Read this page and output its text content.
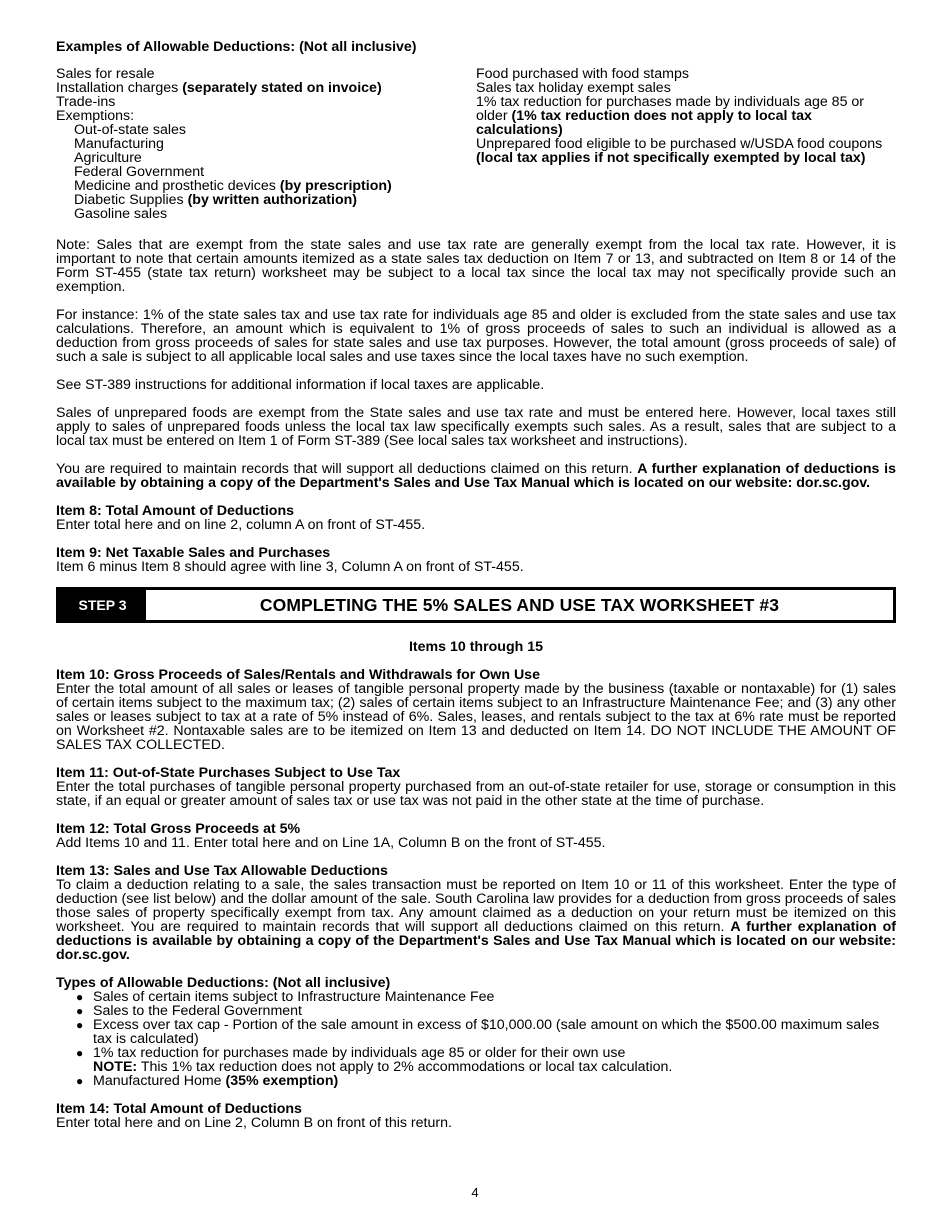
Examples of Allowable Deductions: (Not all inclusive)

Sales for resale

Installation charges (separately stated on invoice)

Trade-ins

Exemptions:

Out-of-state sales

Manufacturing

Agriculture

Federal Government

Medicine and prosthetic devices (by prescription)

Diabetic Supplies (by written authorization)

Gasoline sales

Food purchased with food stamps

Sales tax holiday exempt sales

1% tax reduction for purchases made by individuals age 85 or older (1% tax reduction does not apply to local tax calculations)

Unprepared food eligible to be purchased w/USDA food coupons (local tax applies if not specifically exempted by local tax)

Note: Sales that are exempt from the state sales and use tax rate are generally exempt from the local tax rate. However, it is important to note that certain amounts itemized as a state sales tax deduction on Item 7 or 13, and subtracted on Item 8 or 14 of the Form ST-455 (state tax return) worksheet may be subject to a local tax since the local tax may not specifically provide such an exemption.

For instance: 1% of the state sales tax and use tax rate for individuals age 85 and older is excluded from the state sales and use tax calculations. Therefore, an amount which is equivalent to 1% of gross proceeds of sales to such an individual is allowed as a deduction from gross proceeds of sales for state sales and use tax purposes. However, the total amount (gross proceeds of sale) of such a sale is subject to all applicable local sales and use taxes since the local taxes have no such exemption.

See ST-389 instructions for additional information if local taxes are applicable.

Sales of unprepared foods are exempt from the State sales and use tax rate and must be entered here. However, local taxes still apply to sales of unprepared foods unless the local tax law specifically exempts such sales. As a result, sales that are subject to a local tax must be entered on Item 1 of Form ST-389 (See local sales tax worksheet and instructions).

You are required to maintain records that will support all deductions claimed on this return. A further explanation of deductions is available by obtaining a copy of the Department's Sales and Use Tax Manual which is located on our website: dor.sc.gov.

Item 8: Total Amount of Deductions

Enter total here and on line 2, column A on front of ST-455.

Item 9: Net Taxable Sales and Purchases

Item 6 minus Item 8 should agree with line 3, Column A on front of ST-455.

STEP 3	COMPLETING THE 5% SALES AND USE TAX WORKSHEET #3

Items 10 through 15

Item 10: Gross Proceeds of Sales/Rentals and Withdrawals for Own Use

Enter the total amount of all sales or leases of tangible personal property made by the business (taxable or nontaxable) for (1) sales of certain items subject to the maximum tax; (2) sales of certain items subject to an Infrastructure Maintenance Fee; and (3) any other sales or leases subject to tax at a rate of 5% instead of 6%. Sales, leases, and rentals subject to the tax at 6% rate must be reported on Worksheet #2. Nontaxable sales are to be itemized on Item 13 and deducted on Item 14. DO NOT INCLUDE THE AMOUNT OF SALES TAX COLLECTED.

Item 11: Out-of-State Purchases Subject to Use Tax

Enter the total purchases of tangible personal property purchased from an out-of-state retailer for use, storage or consumption in this state, if an equal or greater amount of sales tax or use tax was not paid in the other state at the time of purchase.

Item 12: Total Gross Proceeds at 5%

Add Items 10 and 11. Enter total here and on Line 1A, Column B on the front of ST-455.

Item 13: Sales and Use Tax Allowable Deductions

To claim a deduction relating to a sale, the sales transaction must be reported on Item 10 or 11 of this worksheet. Enter the type of deduction (see list below) and the dollar amount of the sale. South Carolina law provides for a deduction from gross proceeds of sales those sales of property specifically exempt from tax. Any amount claimed as a deduction on your return must be itemized on this worksheet. You are required to maintain records that will support all deductions claimed on this return. A further explanation of deductions is available by obtaining a copy of the Department's Sales and Use Tax Manual which is located on our website: dor.sc.gov.

Types of Allowable Deductions: (Not all inclusive)

● Sales of certain items subject to Infrastructure Maintenance Fee
● Sales to the Federal Government
● Excess over tax cap - Portion of the sale amount in excess of $10,000.00 (sale amount on which the $500.00 maximum sales tax is calculated)
● 1% tax reduction for purchases made by individuals age 85 or older for their own use
NOTE: This 1% tax reduction does not apply to 2% accommodations or local tax calculation.
● Manufactured Home (35% exemption)

Item 14: Total Amount of Deductions

Enter total here and on Line 2, Column B on front of this return.

4
